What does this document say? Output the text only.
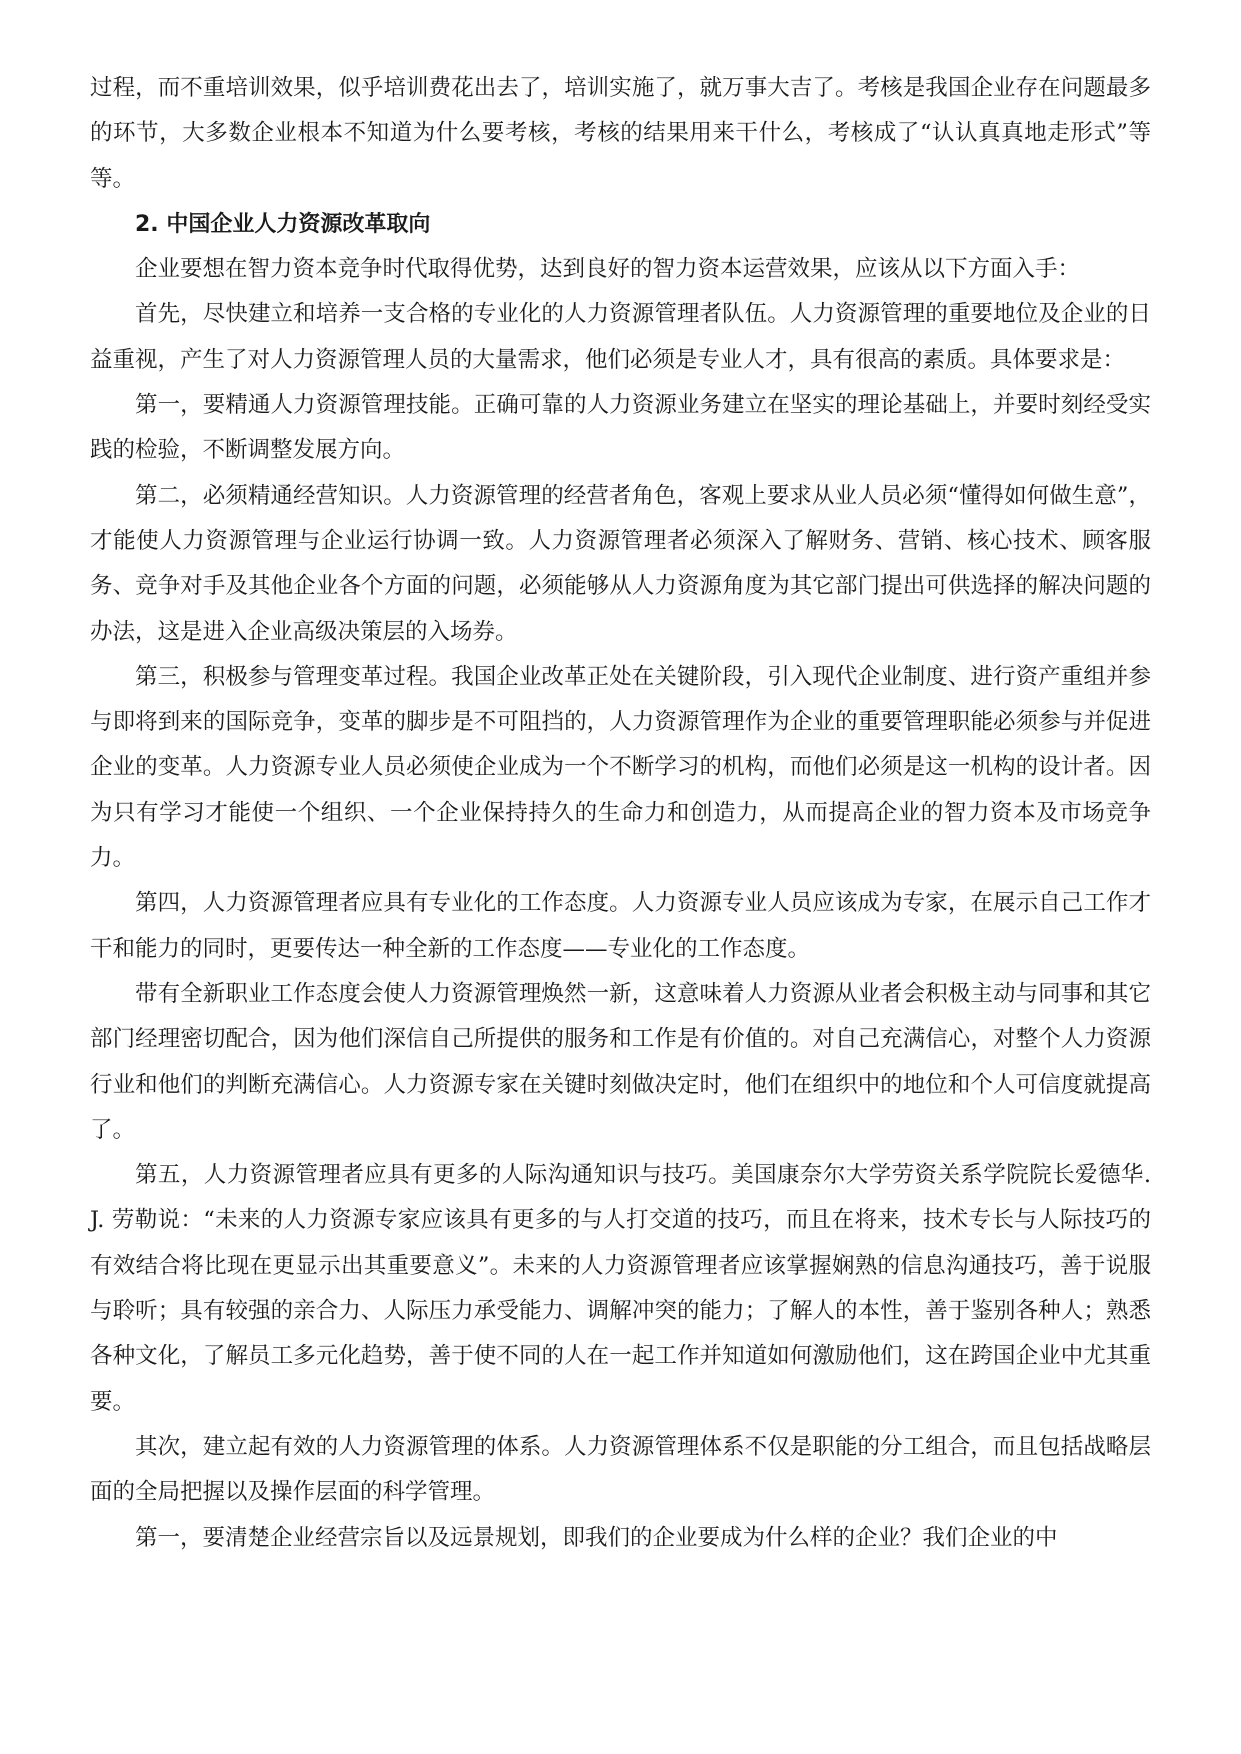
过程，而不重培训效果，似乎培训费花出去了，培训实施了，就万事大吉了。考核是我国企业存在问题最多的环节，大多数企业根本不知道为什么要考核，考核的结果用来干什么，考核成了“认认真真地走形式”等等。

2. 中国企业人力资源改革取向

企业要想在智力资本竞争时代取得优势，达到良好的智力资本运营效果，应该从以下方面入手：

首先，尽快建立和培养一支合格的专业化的人力资源管理者队伍。人力资源管理的重要地位及企业的日益重视，产生了对人力资源管理人员的大量需求，他们必须是专业人才，具有很高的素质。具体要求是：

第一，要精通人力资源管理技能。正确可靠的人力资源业务建立在坚实的理论基础上，并要时刻经受实践的检验，不断调整发展方向。

第二，必须精通经营知识。人力资源管理的经营者角色，客观上要求从业人员必须“懂得如何做生意”，才能使人力资源管理与企业运行协调一致。人力资源管理者必须深入了解财务、营销、核心技术、顾客服务、竞争对手及其他企业各个方面的问题，必须能够从人力资源角度为其它部门提出可供选择的解决问题的办法，这是进入企业高级决策层的入场券。

第三，积极参与管理变革过程。我国企业改革正处在关键阶段，引入现代企业制度、进行资产重组并参与即将到来的国际竞争，变革的脚步是不可阻挡的，人力资源管理作为企业的重要管理职能必须参与并促进企业的变革。人力资源专业人员必须使企业成为一个不断学习的机构，而他们必须是这一机构的设计者。因为只有学习才能使一个组织、一个企业保持持久的生命力和创造力，从而提高企业的智力资本及市场竞争力。

第四，人力资源管理者应具有专业化的工作态度。人力资源专业人员应该成为专家，在展示自己工作才干和能力的同时，更要传达一种全新的工作态度——专业化的工作态度。

带有全新职业工作态度会使人力资源管理焕然一新，这意味着人力资源从业者会积极主动与同事和其它部门经理密切配合，因为他们深信自己所提供的服务和工作是有价值的。对自己充满信心，对整个人力资源行业和他们的判断充满信心。人力资源专家在关键时刻做决定时，他们在组织中的地位和个人可信度就提高了。

第五，人力资源管理者应具有更多的人际沟通知识与技巧。美国康奈尔大学劳资关系学院院长爱德华. J. 劳勒说：“未来的人力资源专家应该具有更多的与人打交道的技巧，而且在将来，技术专长与人际技巧的有效结合将比现在更显示出其重要意义”。未来的人力资源管理者应该掌握娴熟的信息沟通技巧，善于说服与聆听；具有较强的亲合力、人际压力承受能力、调解冲突的能力；了解人的本性，善于鉴别各种人；熟悉各种文化，了解员工多元化趋势，善于使不同的人在一起工作并知道如何激励他们，这在跨国企业中尤其重要。

其次，建立起有效的人力资源管理的体系。人力资源管理体系不仅是职能的分工组合，而且包括战略层面的全局把握以及操作层面的科学管理。

第一，要清楚企业经营宗旨以及远景规划，即我们的企业要成为什么样的企业？我们企业的中
